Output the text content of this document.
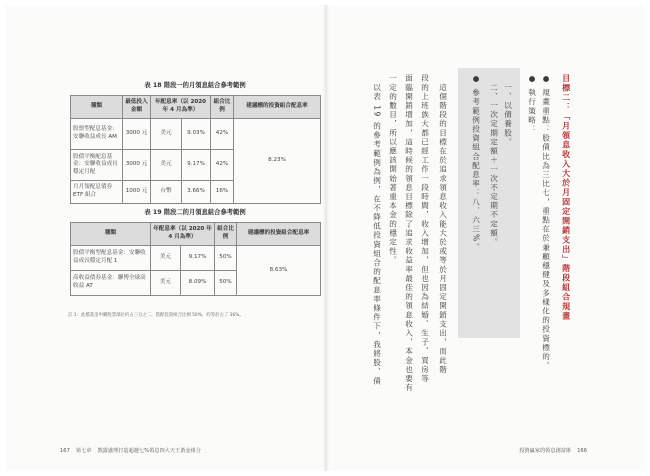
表 18 階段一的月領息組合參考範例
種類	最低投入金額	年配息率（以 2020 年 4 月為準）		組合比例	建議標的投資組合配息率
股票型配息基金：安聯收益成長 AM	3000 元	美元	9.03%	42%	8.23%
股債平衡配息基金：安聯收益成長穩定月配	3000 元	美元	9.17%	42%	
月月領配息債券 ETF 組合	1000 元	台幣	3.66%	16%	
表 19 階段二的月領息組合參考範例
種類	年配息率（以 2020 年 4 月為準）		組合比例	建議標的投資組合配息率
股債平衡型配息基金：安聯收益成長穩定月配 1	美元	9.17%	50%	8.63%
高收益債券基金：聯博全球高收益 AT	美元	8.09%	50%	
註 1：此檔基金申購股票部位約占三分之二，搭配投資組合比例 50%，約等於占了 36%。
167 第七章 教露盛理打造超越七%領息四大天王黃金組合
目標二：「月領息收入大於月固定開銷支出」階段組合規畫
● 規畫重點：股債比為三比七，重點在於兼顧穩健及多樣化的投資標的。
● 執行策略：
　一、以債養股。
　二、一次定期定額＋一次不定期不定額。
● 參考範例投資組合配息率：八．六三%。
　這個階段的目標在於追求領息收入能大於或等於月固定開銷支出，而此階
段的上班族大都已經工作一段時間，收入增加，但也因為結婚、生子、買房等
面臨開銷增加，這時候的領息目標除了追求收益率最佳的領息收入，本金也要有
一定的數目，所以應該開始著重本金的穩定性。
　以表 19 的參考範例為例，在不降低投資組合的配息率條件下，我將股、債
投資贏家的領息創富術 166
